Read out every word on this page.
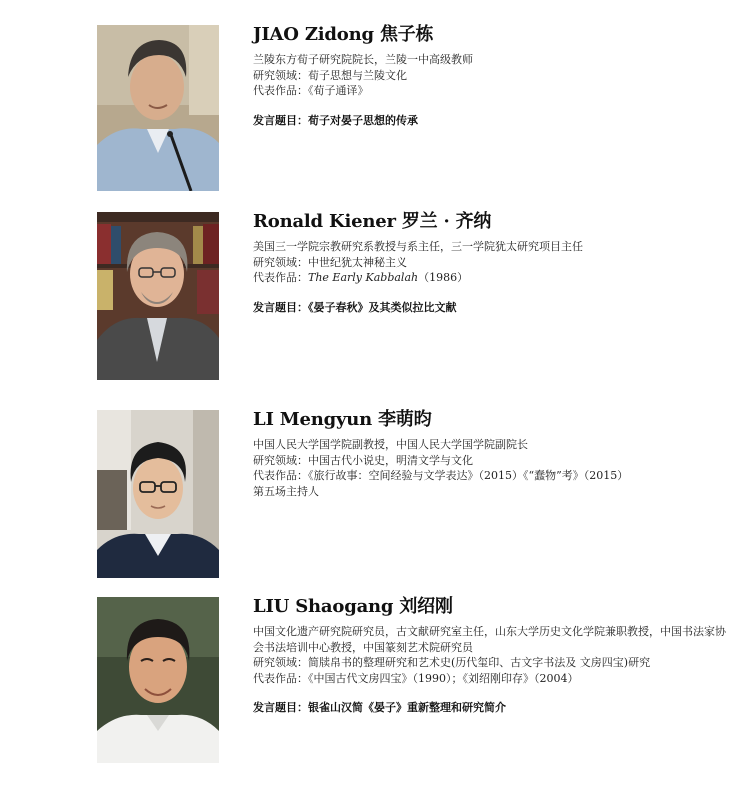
JIAO Zidong 焦子栋

兰陵东方荀子研究院院长，兰陵一中高级教师

研究领域：荀子思想与兰陵文化

代表作品：《荀子通译》

发言题目：荀子对晏子思想的传承
Ronald Kiener 罗兰 · 齐纳

美国三一学院宗教研究系教授与系主任，三一学院犹太研究项目主任

研究领域：中世纪犹太神秘主义

代表作品：The Early Kabbalah（1986）

发言题目：《晏子春秋》及其类似拉比文献
LI Mengyun 李萌昀

中国人民大学国学院副教授，中国人民大学国学院副院长

研究领域：中国古代小说史，明清文学与文化

代表作品：《旅行故事：空间经验与文学表达》（2015）《“蠢物”考》（2015）

第五场主持人

LIU Shaogang 刘绍刚

中国文化遗产研究院研究员，古文献研究室主任，山东大学历史文化学院兼职教授，中国书法家协会书法培训中心教授，中国篆刻艺术院研究员

研究领域：简牍帛书的整理研究和艺术史(历代玺印、古文字书法及 文房四宝)研究

代表作品：《中国古代文房四宝》（1990）；《刘绍刚印存》（2004）

发言题目：银雀山汉简《晏子》重新整理和研究简介
